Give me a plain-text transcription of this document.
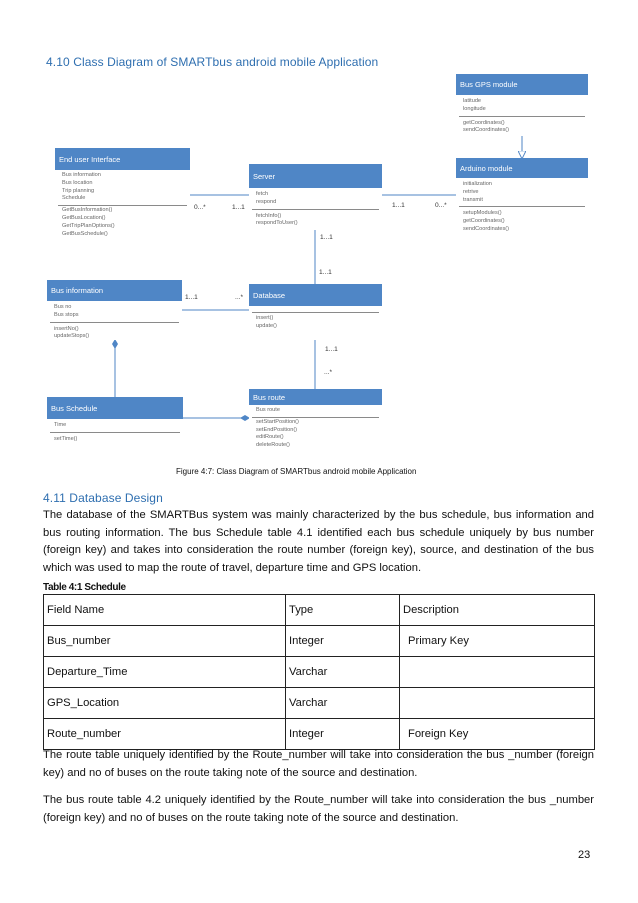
4.10 Class Diagram of SMARTbus android mobile Application
Bus GPS module
latitude
longitude
getCoordinates()
sendCoordinates()
Arduino module
initialization
retrive
transmit
setupModules()
getCoordinates()
sendCoordinates()
End user Interface
Bus information
Bus location
Trip planning
Schedule
GetBusInformation()
GetBusLocation()
GetTripPlanOptions()
GetBusSchedule()
Server
fetch
respond
fetchInfo()
respondToUser()
Bus information
Bus no
Bus stops
insertNo()
updateStops()
Database
insert()
update()
Bus Schedule
Time
setTime()
Bus route
Bus route
setStartPosition()
setEndPosition()
editRoute()
deleteRoute()
0...*	1...1	1...1	0...*
1...1
1...1
1...1	...*
1...1
...*
Figure 4:7: Class Diagram of SMARTbus android mobile Application
4.11 Database Design

The database of the SMARTBus system was mainly characterized by the bus schedule, bus information and bus routing information. The bus Schedule table 4.1 identified each bus schedule uniquely by bus number (foreign key) and takes into consideration the route number (foreign key), source, and destination of the bus which was used to map the route of travel, departure time and GPS location.

Table 4:1 Schedule
Field Name	Type	Description
Bus_number	Integer	Primary Key
Departure_Time	Varchar	
GPS_Location	Varchar	
Route_number	Integer	Foreign Key

The route table uniquely identified by the Route_number will take into consideration the bus _number (foreign key) and no of buses on the route taking note of the source and destination.

The bus route table 4.2 uniquely identified by the Route_number will take into consideration the bus _number (foreign key) and no of buses on the route taking note of the source and destination.

23
